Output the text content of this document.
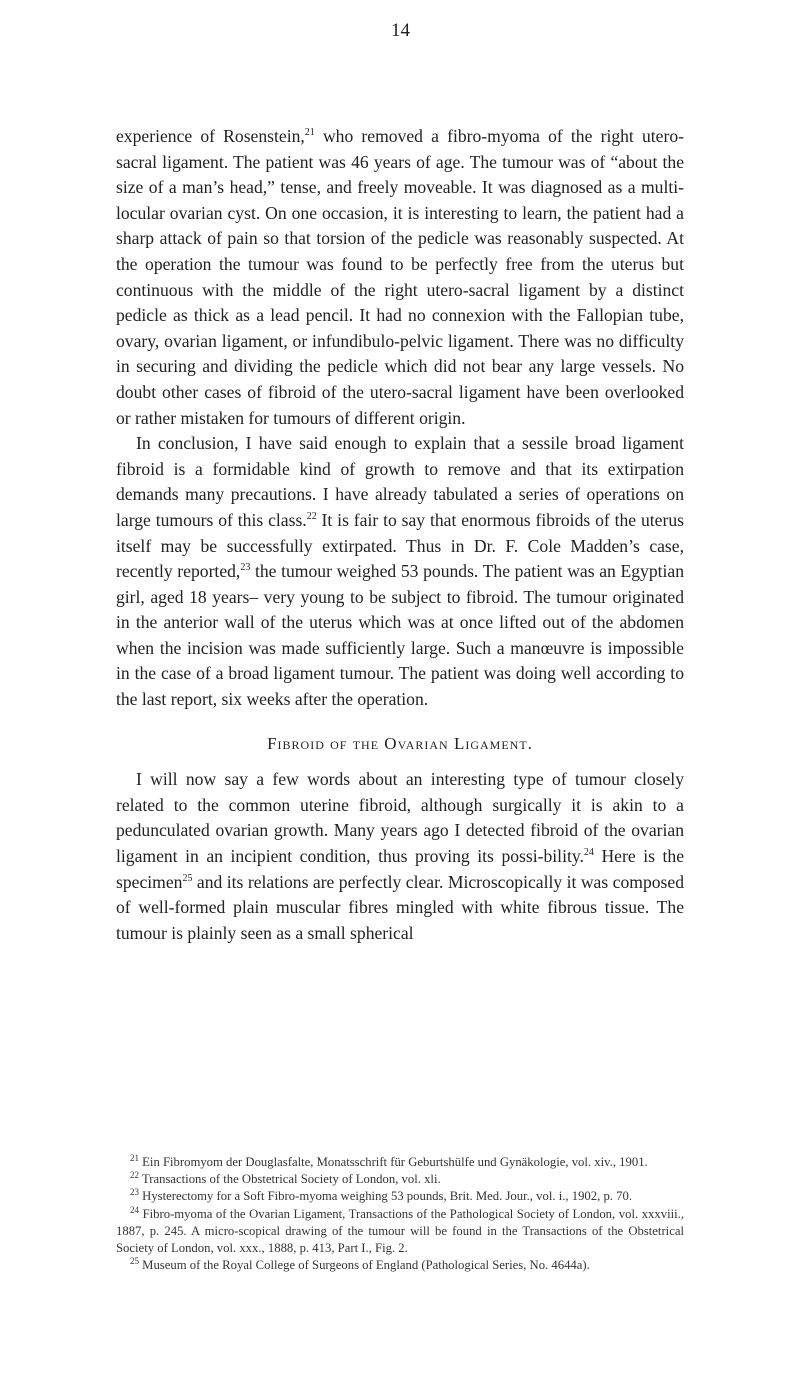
14

experience of Rosenstein,$^{21}$ who removed a fibro-myoma of the right utero-sacral ligament. The patient was 46 years of age. The tumour was of “about the size of a man’s head,” tense, and freely moveable. It was diagnosed as a multi-locular ovarian cyst. On one occasion, it is interesting to learn, the patient had a sharp attack of pain so that torsion of the pedicle was reasonably suspected. At the operation the tumour was found to be perfectly free from the uterus but continuous with the middle of the right utero-sacral ligament by a distinct pedicle as thick as a lead pencil. It had no connexion with the Fallopian tube, ovary, ovarian ligament, or infundibulo-pelvic ligament. There was no difficulty in securing and dividing the pedicle which did not bear any large vessels. No doubt other cases of fibroid of the utero-sacral ligament have been overlooked or rather mistaken for tumours of different origin.

In conclusion, I have said enough to explain that a sessile broad ligament fibroid is a formidable kind of growth to remove and that its extirpation demands many precautions. I have already tabulated a series of operations on large tumours of this class.$^{22}$ It is fair to say that enormous fibroids of the uterus itself may be successfully extirpated. Thus in Dr. F. Cole Madden’s case, recently reported,$^{23}$ the tumour weighed 53 pounds. The patient was an Egyptian girl, aged 18 years– very young to be subject to fibroid. The tumour originated in the anterior wall of the uterus which was at once lifted out of the abdomen when the incision was made sufficiently large. Such a manœuvre is impossible in the case of a broad ligament tumour. The patient was doing well according to the last report, six weeks after the operation.

Fibroid of the Ovarian Ligament.

I will now say a few words about an interesting type of tumour closely related to the common uterine fibroid, although surgically it is akin to a pedunculated ovarian growth. Many years ago I detected fibroid of the ovarian ligament in an incipient condition, thus proving its possi-bility.$^{24}$ Here is the specimen$^{25}$ and its relations are perfectly clear. Microscopically it was composed of well-formed plain muscular fibres mingled with white fibrous tissue. The tumour is plainly seen as a small spherical

$^{21}$ Ein Fibromyom der Douglasfalte, Monatsschrift für Geburtshülfe und Gynäkologie, vol. xiv., 1901.

$^{22}$ Transactions of the Obstetrical Society of London, vol. xli.

$^{23}$ Hysterectomy for a Soft Fibro-myoma weighing 53 pounds, Brit. Med. Jour., vol. i., 1902, p. 70.

$^{24}$ Fibro-myoma of the Ovarian Ligament, Transactions of the Pathological Society of London, vol. xxxviii., 1887, p. 245. A micro-scopical drawing of the tumour will be found in the Transactions of the Obstetrical Society of London, vol. xxx., 1888, p. 413, Part I., Fig. 2.

$^{25}$ Museum of the Royal College of Surgeons of England (Pathological Series, No. 4644a).
